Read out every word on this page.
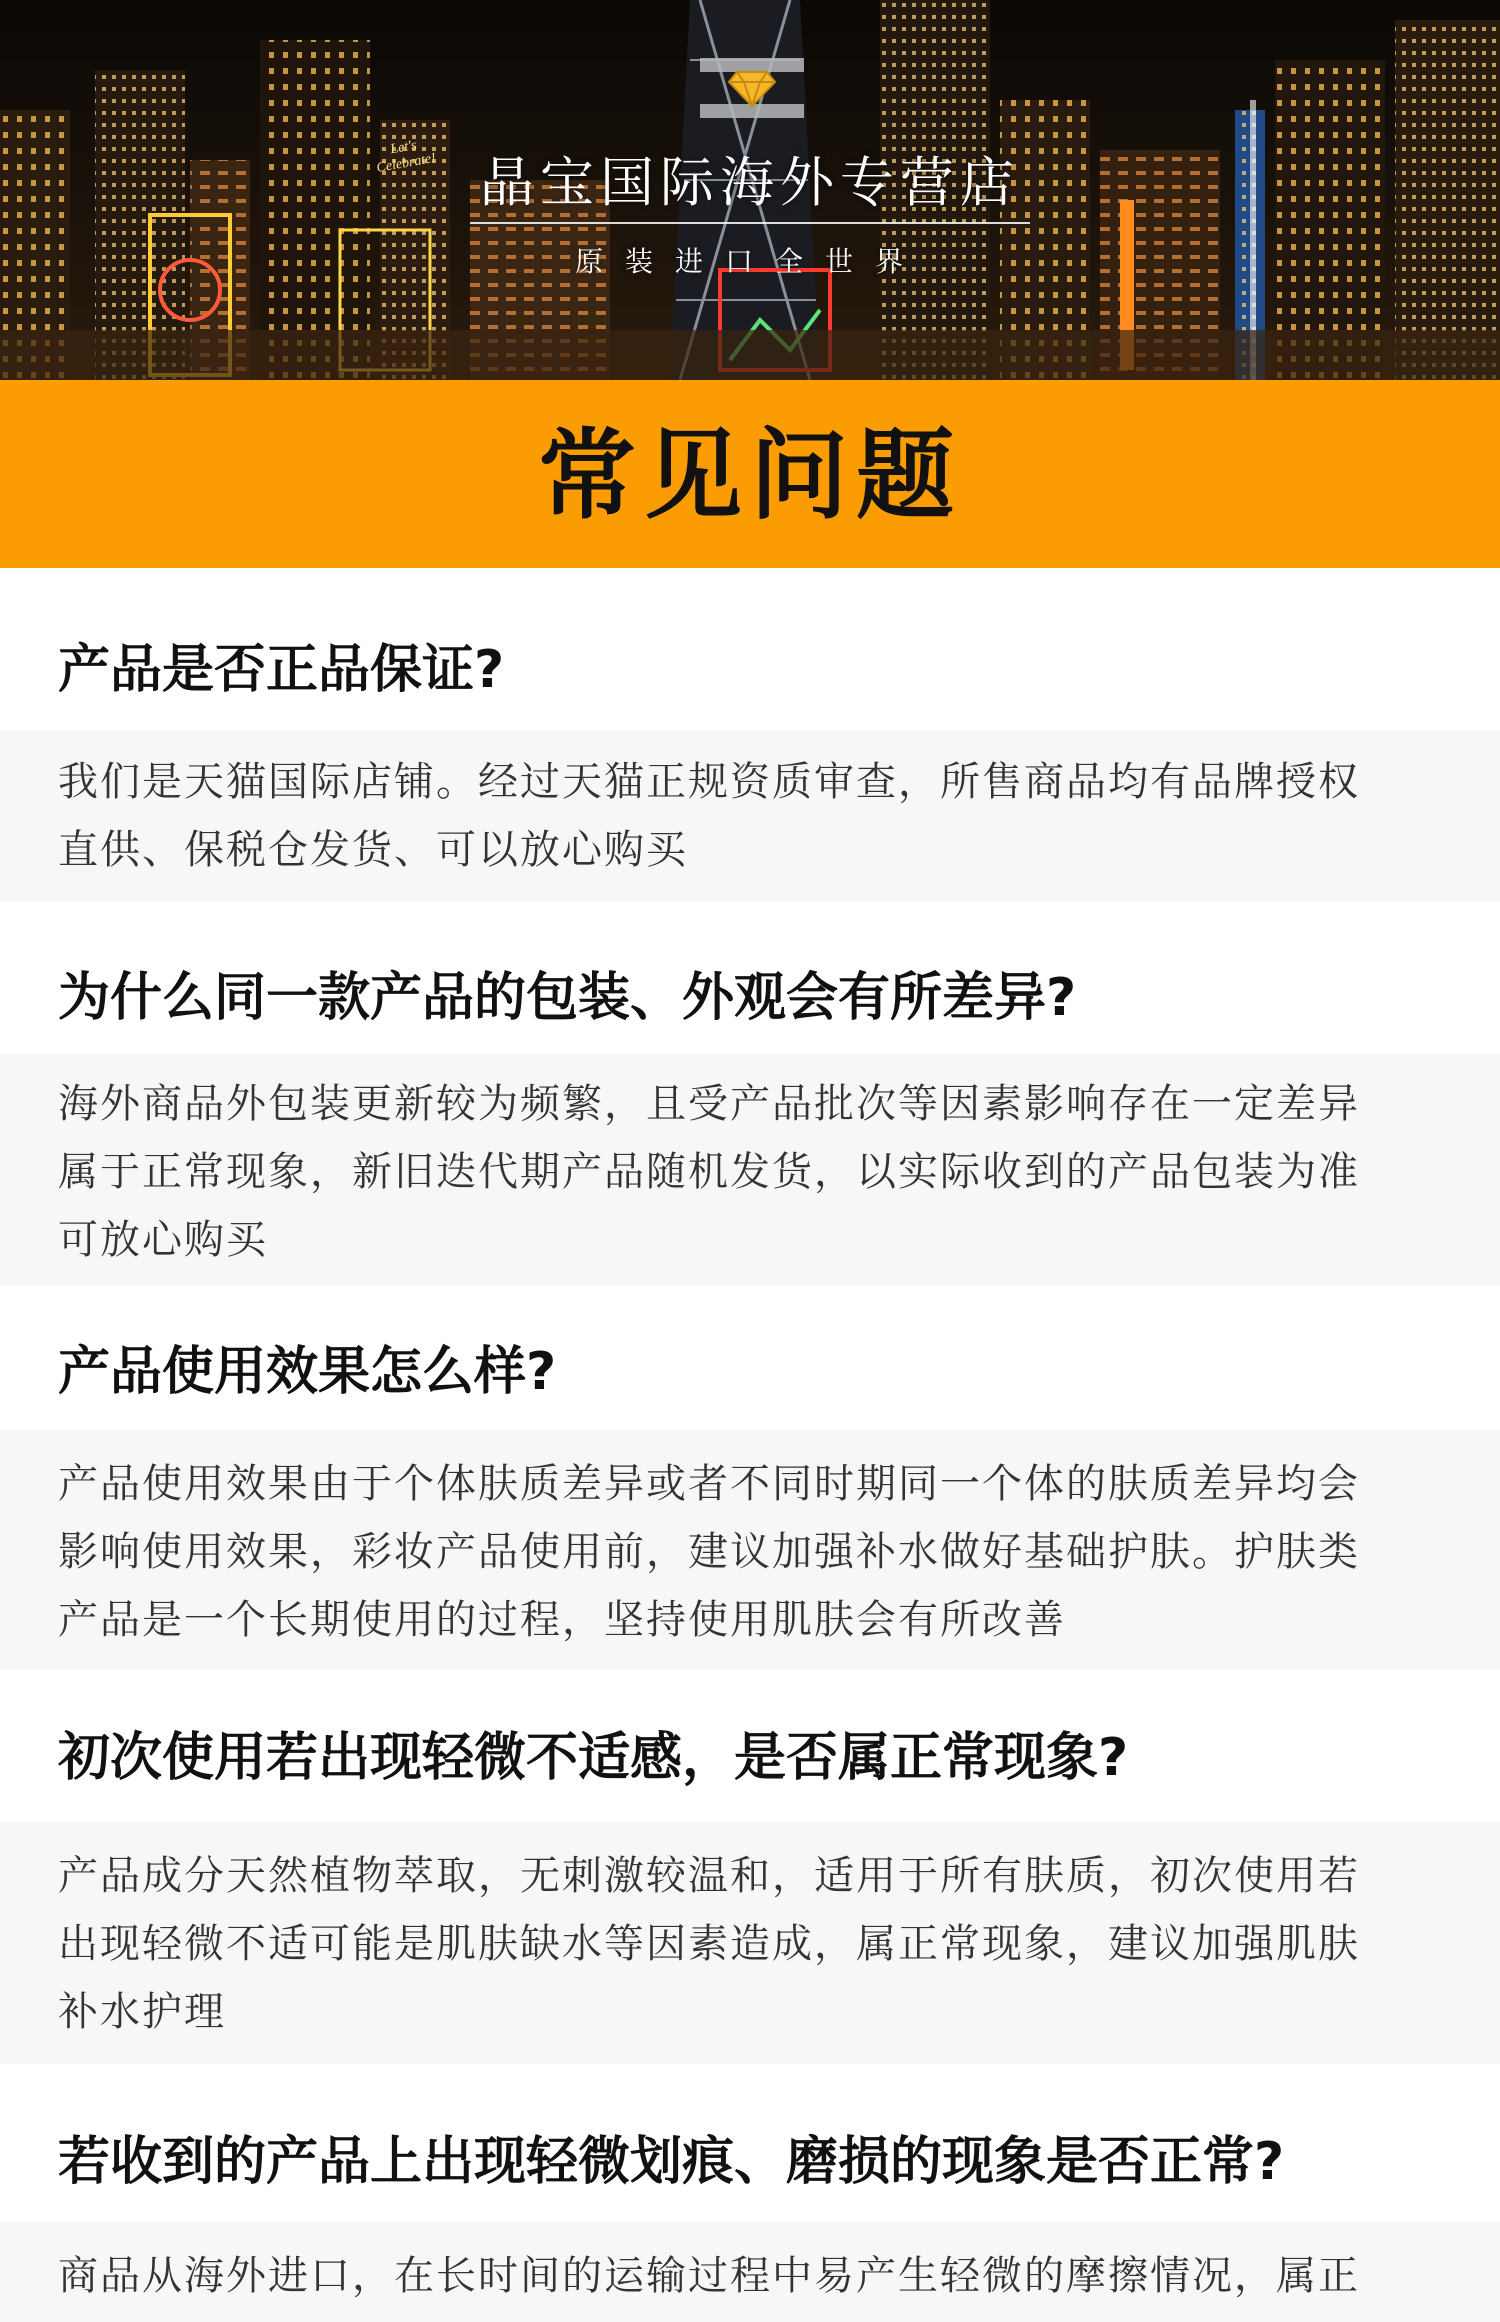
Let's Celebrate! 晶宝国际海外专营店
原装进口全世界
常见问题
产品是否正品保证?
我们是天猫国际店铺。经过天猫正规资质审查，所售商品均有品牌授权
直供、保税仓发货、可以放心购买
为什么同一款产品的包装、外观会有所差异?
海外商品外包装更新较为频繁，且受产品批次等因素影响存在一定差异
属于正常现象，新旧迭代期产品随机发货，以实际收到的产品包装为准
可放心购买
产品使用效果怎么样?
产品使用效果由于个体肤质差异或者不同时期同一个体的肤质差异均会
影响使用效果，彩妆产品使用前，建议加强补水做好基础护肤。护肤类
产品是一个长期使用的过程，坚持使用肌肤会有所改善
初次使用若出现轻微不适感，是否属正常现象?
产品成分天然植物萃取，无刺激较温和，适用于所有肤质，初次使用若
出现轻微不适可能是肌肤缺水等因素造成，属正常现象，建议加强肌肤
补水护理
若收到的产品上出现轻微划痕、磨损的现象是否正常?
商品从海外进口，在长时间的运输过程中易产生轻微的摩擦情况，属正
